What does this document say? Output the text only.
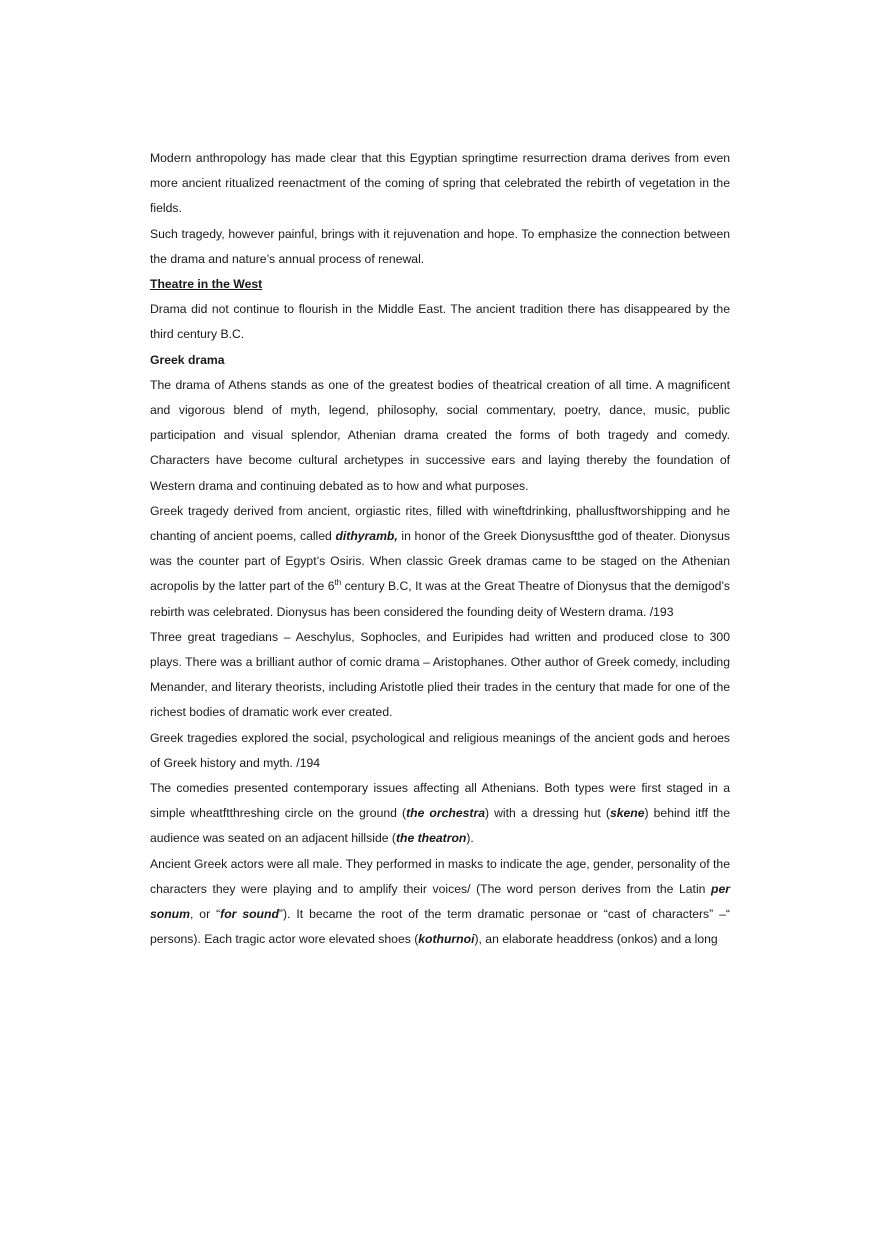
Modern anthropology has made clear that this Egyptian springtime resurrection drama derives from even more ancient ritualized reenactment of the coming of spring that celebrated the rebirth of vegetation in the fields.

Such tragedy, however painful, brings with it rejuvenation and hope. To emphasize the connection between the drama and nature’s annual process of renewal.

Theatre in the West

Drama did not continue to flourish in the Middle East. The ancient tradition there has disappeared by the third century B.C.

Greek drama

The drama of Athens stands as one of the greatest bodies of theatrical creation of all time. A magnificent and vigorous blend of myth, legend, philosophy, social commentary, poetry, dance, music, public participation and visual splendor, Athenian drama created the forms of both tragedy and comedy. Characters have become cultural archetypes in successive ears and laying thereby the foundation of Western drama and continuing debated as to how and what purposes.

Greek tragedy derived from ancient, orgiastic rites, filled with wineftdrinking, phallusftworshipping and he chanting of ancient poems, called dithyramb, in honor of the Greek Dionysusftthe god of theater. Dionysus was the counter part of Egypt’s Osiris. When classic Greek dramas came to be staged on the Athenian acropolis by the latter part of the 6th century B.C, It was at the Great Theatre of Dionysus that the demigod’s rebirth was celebrated. Dionysus has been considered the founding deity of Western drama. /193

Three great tragedians – Aeschylus, Sophocles, and Euripides had written and produced close to 300 plays. There was a brilliant author of comic drama – Aristophanes. Other author of Greek comedy, including Menander, and literary theorists, including Aristotle plied their trades in the century that made for one of the richest bodies of dramatic work ever created.

Greek tragedies explored the social, psychological and religious meanings of the ancient gods and heroes of Greek history and myth. /194

The comedies presented contemporary issues affecting all Athenians. Both types were first staged in a simple wheatftthreshing circle on the ground (the orchestra) with a dressing hut (skene) behind itff the audience was seated on an adjacent hillside (the theatron).

Ancient Greek actors were all male. They performed in masks to indicate the age, gender, personality of the characters they were playing and to amplify their voices/ (The word person derives from the Latin per sonum, or “for sound”). It became the root of the term dramatic personae or “cast of characters” –“ persons). Each tragic actor wore elevated shoes (kothurnoi), an elaborate headdress (onkos) and a long
